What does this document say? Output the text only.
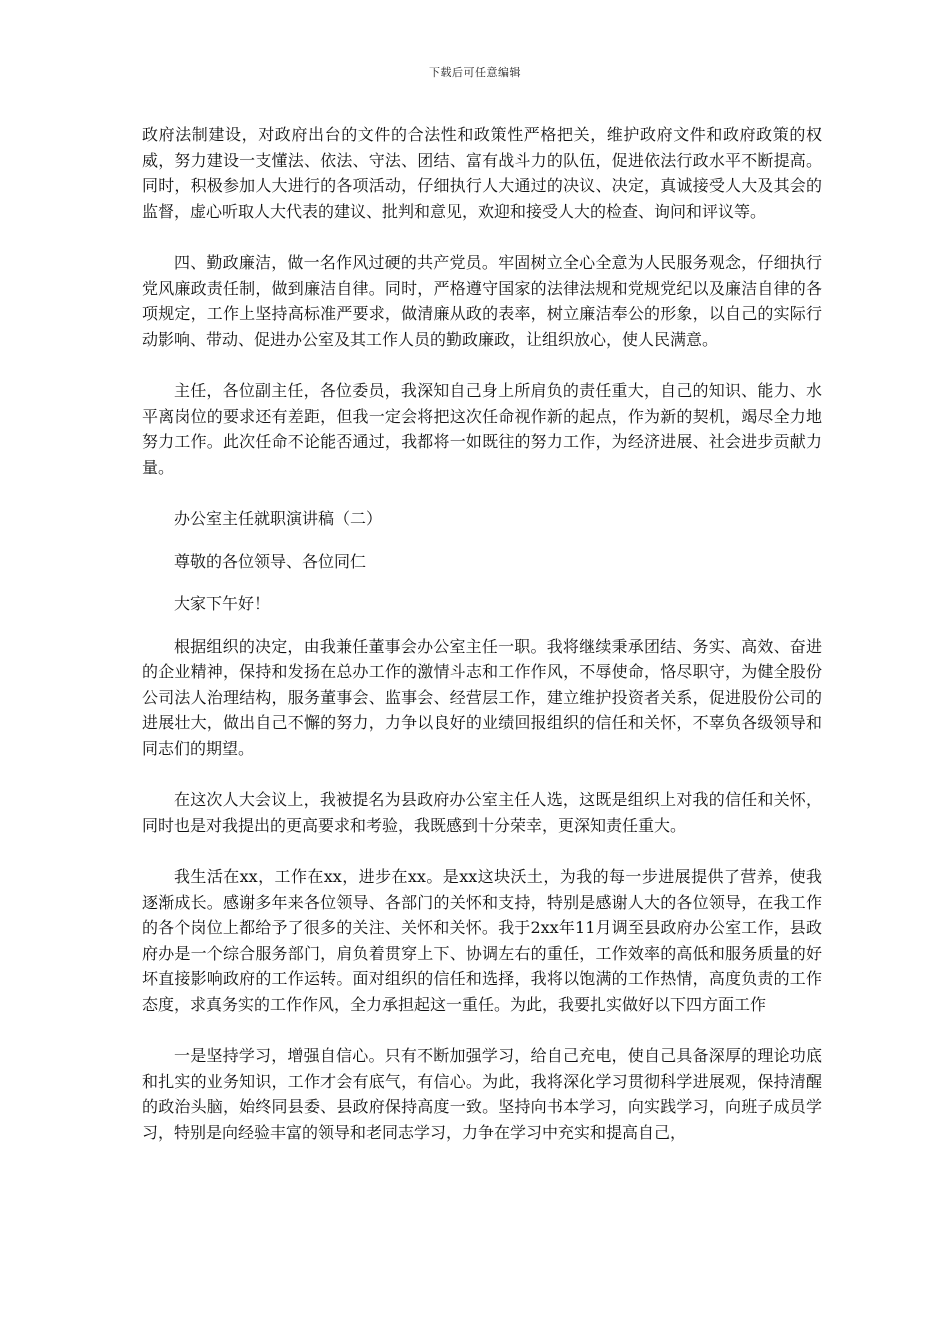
下载后可任意编辑

政府法制建设，对政府出台的文件的合法性和政策性严格把关，维护政府文件和政府政策的权威，努力建设一支懂法、依法、守法、团结、富有战斗力的队伍，促进依法行政水平不断提高。同时，积极参加人大进行的各项活动，仔细执行人大通过的决议、决定，真诚接受人大及其会的监督，虚心听取人大代表的建议、批判和意见，欢迎和接受人大的检查、询问和评议等。

四、勤政廉洁，做一名作风过硬的共产党员。牢固树立全心全意为人民服务观念，仔细执行党风廉政责任制，做到廉洁自律。同时，严格遵守国家的法律法规和党规党纪以及廉洁自律的各项规定，工作上坚持高标准严要求，做清廉从政的表率，树立廉洁奉公的形象，以自己的实际行动影响、带动、促进办公室及其工作人员的勤政廉政，让组织放心，使人民满意。

主任，各位副主任，各位委员，我深知自己身上所肩负的责任重大，自己的知识、能力、水平离岗位的要求还有差距，但我一定会将把这次任命视作新的起点，作为新的契机，竭尽全力地努力工作。此次任命不论能否通过，我都将一如既往的努力工作，为经济进展、社会进步贡献力量。

办公室主任就职演讲稿（二）

尊敬的各位领导、各位同仁

大家下午好！

根据组织的决定，由我兼任董事会办公室主任一职。我将继续秉承团结、务实、高效、奋进的企业精神，保持和发扬在总办工作的激情斗志和工作作风，不辱使命，恪尽职守，为健全股份公司法人治理结构，服务董事会、监事会、经营层工作，建立维护投资者关系，促进股份公司的进展壮大，做出自己不懈的努力，力争以良好的业绩回报组织的信任和关怀，不辜负各级领导和同志们的期望。

在这次人大会议上，我被提名为县政府办公室主任人选，这既是组织上对我的信任和关怀，同时也是对我提出的更高要求和考验，我既感到十分荣幸，更深知责任重大。

我生活在xx，工作在xx，进步在xx。是xx这块沃土，为我的每一步进展提供了营养，使我逐渐成长。感谢多年来各位领导、各部门的关怀和支持，特别是感谢人大的各位领导，在我工作的各个岗位上都给予了很多的关注、关怀和关怀。我于2xx年11月调至县政府办公室工作，县政府办是一个综合服务部门，肩负着贯穿上下、协调左右的重任，工作效率的高低和服务质量的好坏直接影响政府的工作运转。面对组织的信任和选择，我将以饱满的工作热情，高度负责的工作态度，求真务实的工作作风，全力承担起这一重任。为此，我要扎实做好以下四方面工作

一是坚持学习，增强自信心。只有不断加强学习，给自己充电，使自己具备深厚的理论功底和扎实的业务知识，工作才会有底气，有信心。为此，我将深化学习贯彻科学进展观，保持清醒的政治头脑，始终同县委、县政府保持高度一致。坚持向书本学习，向实践学习，向班子成员学习，特别是向经验丰富的领导和老同志学习，力争在学习中充实和提高自己，
